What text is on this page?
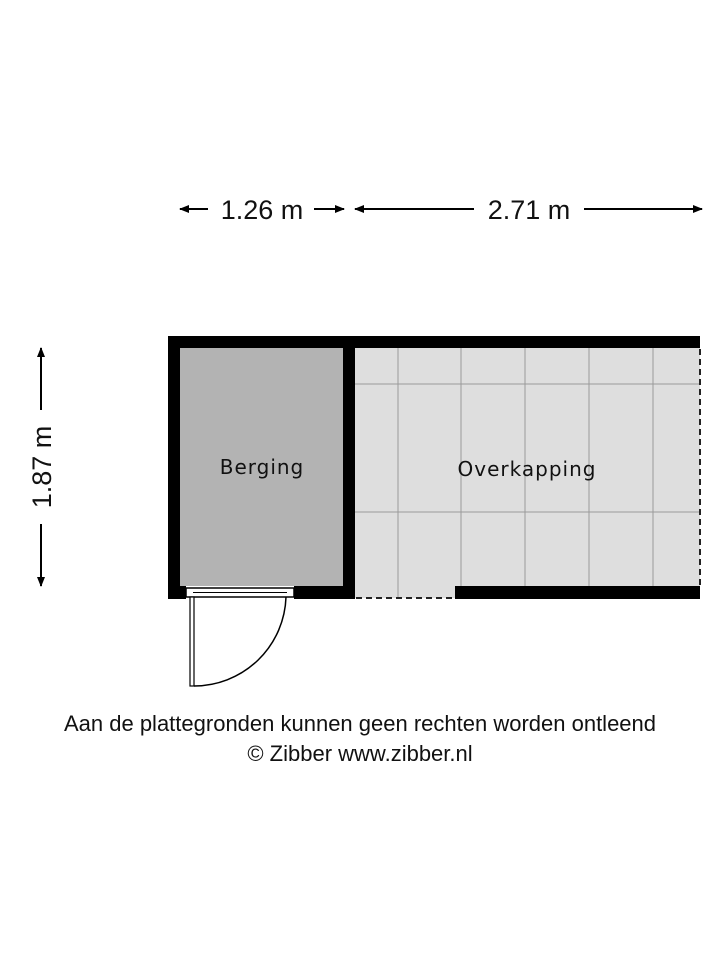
1.26 m	2.71 m
1.87 m	Berging	Overkapping
Aan de plattegronden kunnen geen rechten worden ontleend
© Zibber www.zibber.nl
